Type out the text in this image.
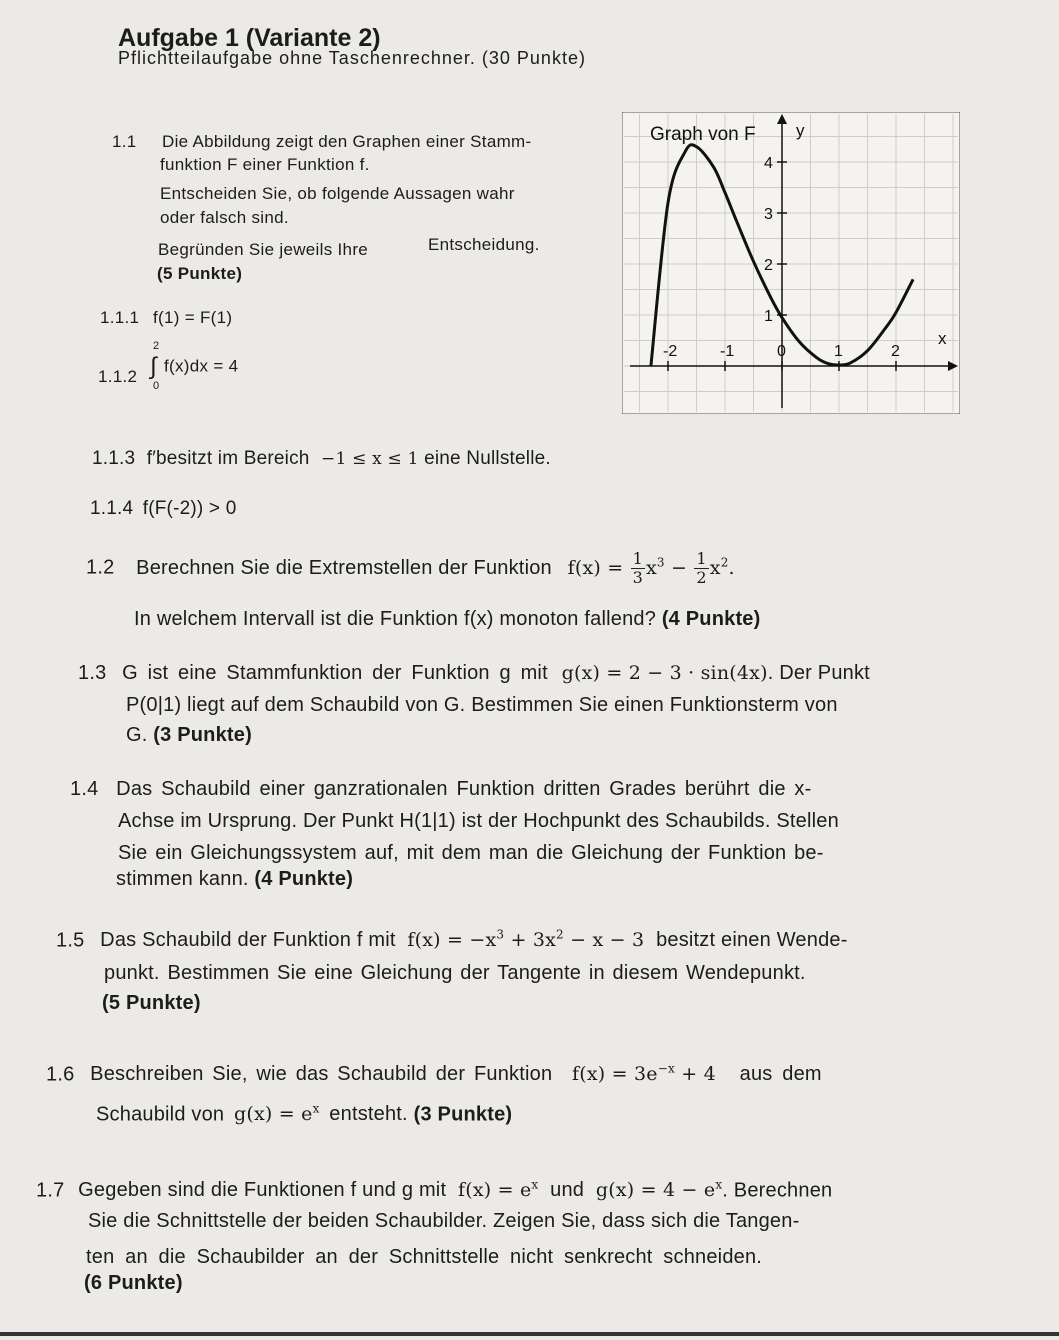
Aufgabe 1 (Variante 2)
Pflichtteilaufgabe ohne Taschenrechner. (30 Punkte)
1.1 Die Abbildung zeigt den Graphen einer Stamm-
funktion F einer Funktion f.
Entscheiden Sie, ob folgende Aussagen wahr
oder falsch sind.
Begründen Sie jeweils Ihre	Entscheidung.
(5 Punkte)
1.1.1 f(1) = F(1)
1.1.2 ∫
2
0
f(x)dx = 4
1.1.3 f′besitzt im Bereich −1 ≤ x ≤ 1 eine Nullstelle.
1.1.4 f(F(-2)) > 0
1.2 Berechnen Sie die Extremstellen der Funktion $f(x) = \frac{1}{3} x^3 - \frac{1}{2} x^2$.
In welchem Intervall ist die Funktion f(x) monoton fallend? (4 Punkte)
1.3 G ist eine Stammfunktion der Funktion g mit g(x) = 2 − 3 · sin(4x). Der Punkt
P(0|1) liegt auf dem Schaubild von G. Bestimmen Sie einen Funktionsterm von
G. (3 Punkte)
1.4 Das Schaubild einer ganzrationalen Funktion dritten Grades berührt die x-
Achse im Ursprung. Der Punkt H(1|1) ist der Hochpunkt des Schaubilds. Stellen
Sie ein Gleichungssystem auf, mit dem man die Gleichung der Funktion be-
stimmen kann. (4 Punkte)
1.5 Das Schaubild der Funktion f mit $f(x) = -x^3 + 3x^2 - x - 3$ besitzt einen Wende-
punkt. Bestimmen Sie eine Gleichung der Tangente in diesem Wendepunkt.
(5 Punkte)
1.6 Beschreiben Sie, wie das Schaubild der Funktion $f(x) = 3e^{-x} + 4$ aus dem
Schaubild von $g(x) = e^x$ entsteht. (3 Punkte)
1.7 Gegeben sind die Funktionen f und g mit $f(x) = e^x$ und $g(x) = 4 - e^x$. Berechnen
Sie die Schnittstelle der beiden Schaubilder. Zeigen Sie, dass sich die Tangen-
ten an die Schaubilder an der Schnittstelle nicht senkrecht schneiden.
(6 Punkte)
-2	-1	0	1	2
1
2
3
4
Graph von F
x
y
